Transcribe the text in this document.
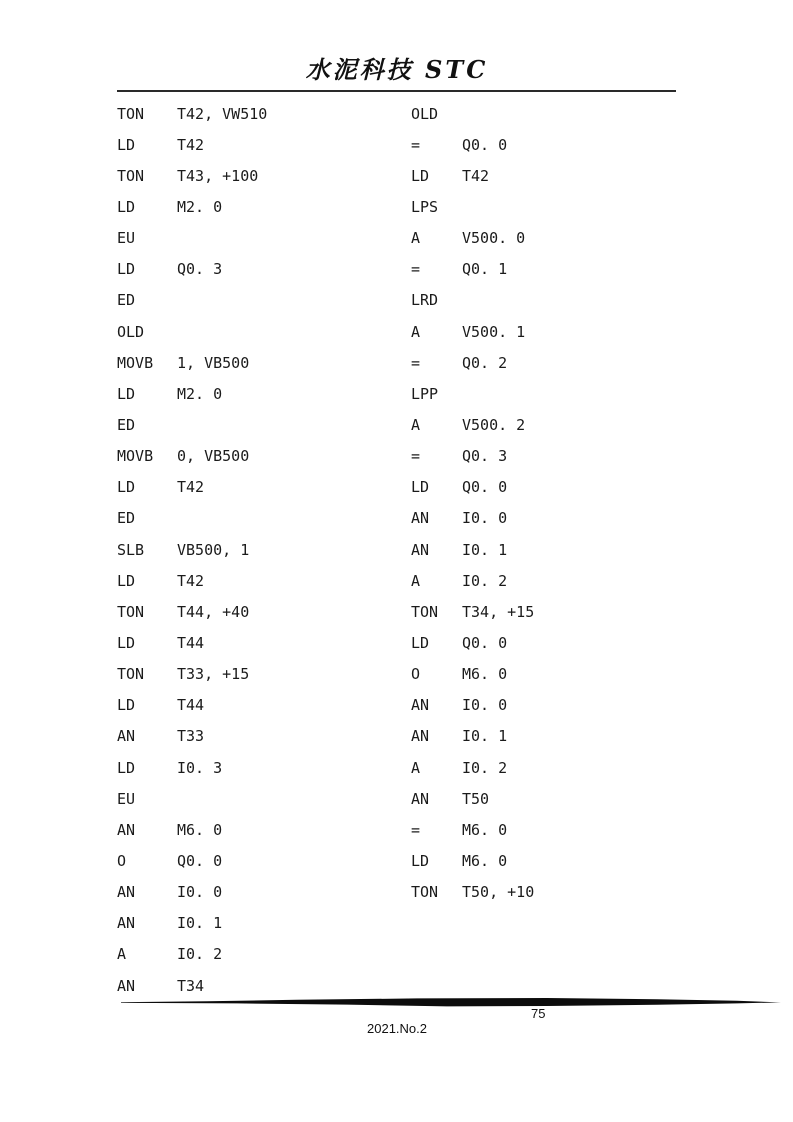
水泥科技 STC
TON	T42, VW510
LD	T42
TON	T43, +100
LD	M2. 0
EU
LD	Q0. 3
ED
OLD
MOVB	1, VB500
LD	M2. 0
ED
MOVB	0, VB500
LD	T42
ED
SLB	VB500, 1
LD	T42
TON	T44, +40
LD	T44
TON	T33, +15
LD	T44
AN	T33
LD	I0. 3
EU
AN	M6. 0
O	Q0. 0
AN	I0. 0
AN	I0. 1
A	I0. 2
AN	T34
OLD
=	Q0. 0
LD	T42
LPS
A	V500. 0
=	Q0. 1
LRD
A	V500. 1
=	Q0. 2
LPP
A	V500. 2
=	Q0. 3
LD	Q0. 0
AN	I0. 0
AN	I0. 1
A	I0. 2
TON	T34, +15
LD	Q0. 0
O	M6. 0
AN	I0. 0
AN	I0. 1
A	I0. 2
AN	T50
=	M6. 0
LD	M6. 0
TON	T50, +10
75
2021.No.2
